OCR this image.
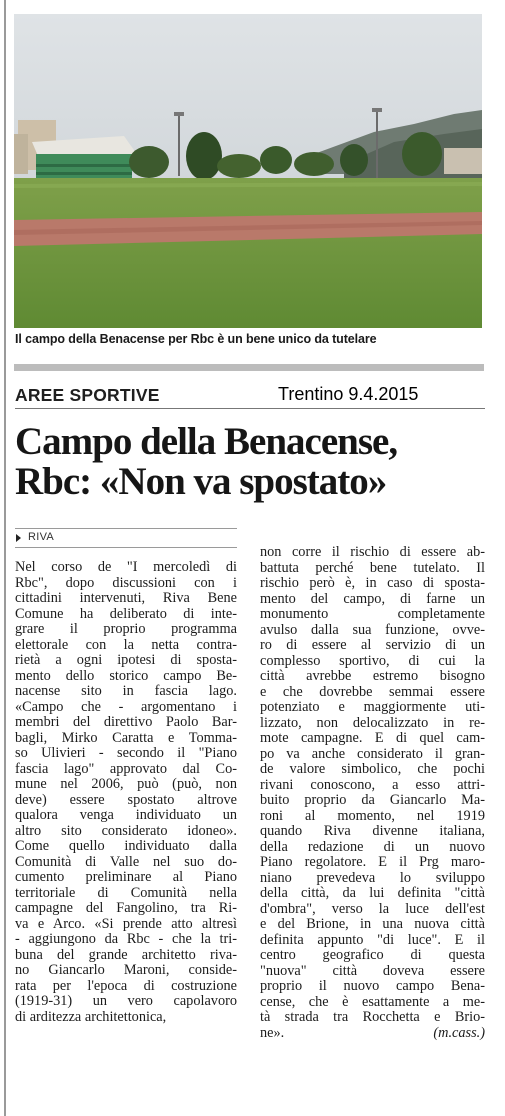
Il campo della Benacense per Rbc è un bene unico da tutelare
AREE SPORTIVE	Trentino 9.4.2015
Campo della Benacense,
Rbc: «Non va spostato»
RIVA
Nel corso de "I mercoledì di
Rbc", dopo discussioni con i
cittadini intervenuti, Riva Bene
Comune ha deliberato di inte-
grare il proprio programma
elettorale con la netta contra-
rietà a ogni ipotesi di sposta-
mento dello storico campo Be-
nacense sito in fascia lago.
«Campo che - argomentano i
membri del direttivo Paolo Bar-
bagli, Mirko Caratta e Tomma-
so Ulivieri - secondo il "Piano
fascia lago" approvato dal Co-
mune nel 2006, può (può, non
deve) essere spostato altrove
qualora venga individuato un
altro sito considerato idoneo».
Come quello individuato dalla
Comunità di Valle nel suo do-
cumento preliminare al Piano
territoriale di Comunità nella
campagne del Fangolino, tra Ri-
va e Arco. «Si prende atto altresì
- aggiungono da Rbc - che la tri-
buna del grande architetto riva-
no Giancarlo Maroni, conside-
rata per l'epoca di costruzione
(1919-31) un vero capolavoro
di arditezza architettonica,
non corre il rischio di essere ab-
battuta perché bene tutelato. Il
rischio però è, in caso di sposta-
mento del campo, di farne un
monumento completamente
avulso dalla sua funzione, ovve-
ro di essere al servizio di un
complesso sportivo, di cui la
città avrebbe estremo bisogno
e che dovrebbe semmai essere
potenziato e maggiormente uti-
lizzato, non delocalizzato in re-
mote campagne. E di quel cam-
po va anche considerato il gran-
de valore simbolico, che pochi
rivani conoscono, a esso attri-
buito proprio da Giancarlo Ma-
roni al momento, nel 1919
quando Riva divenne italiana,
della redazione di un nuovo
Piano regolatore. E il Prg maro-
niano prevedeva lo sviluppo
della città, da lui definita "città
d'ombra", verso la luce dell'est
e del Brione, in una nuova città
definita appunto "di luce". E il
centro geografico di questa
"nuova" città doveva essere
proprio il nuovo campo Bena-
cense, che è esattamente a me-
tà strada tra Rocchetta e Brio-
ne».	(m.cass.)
